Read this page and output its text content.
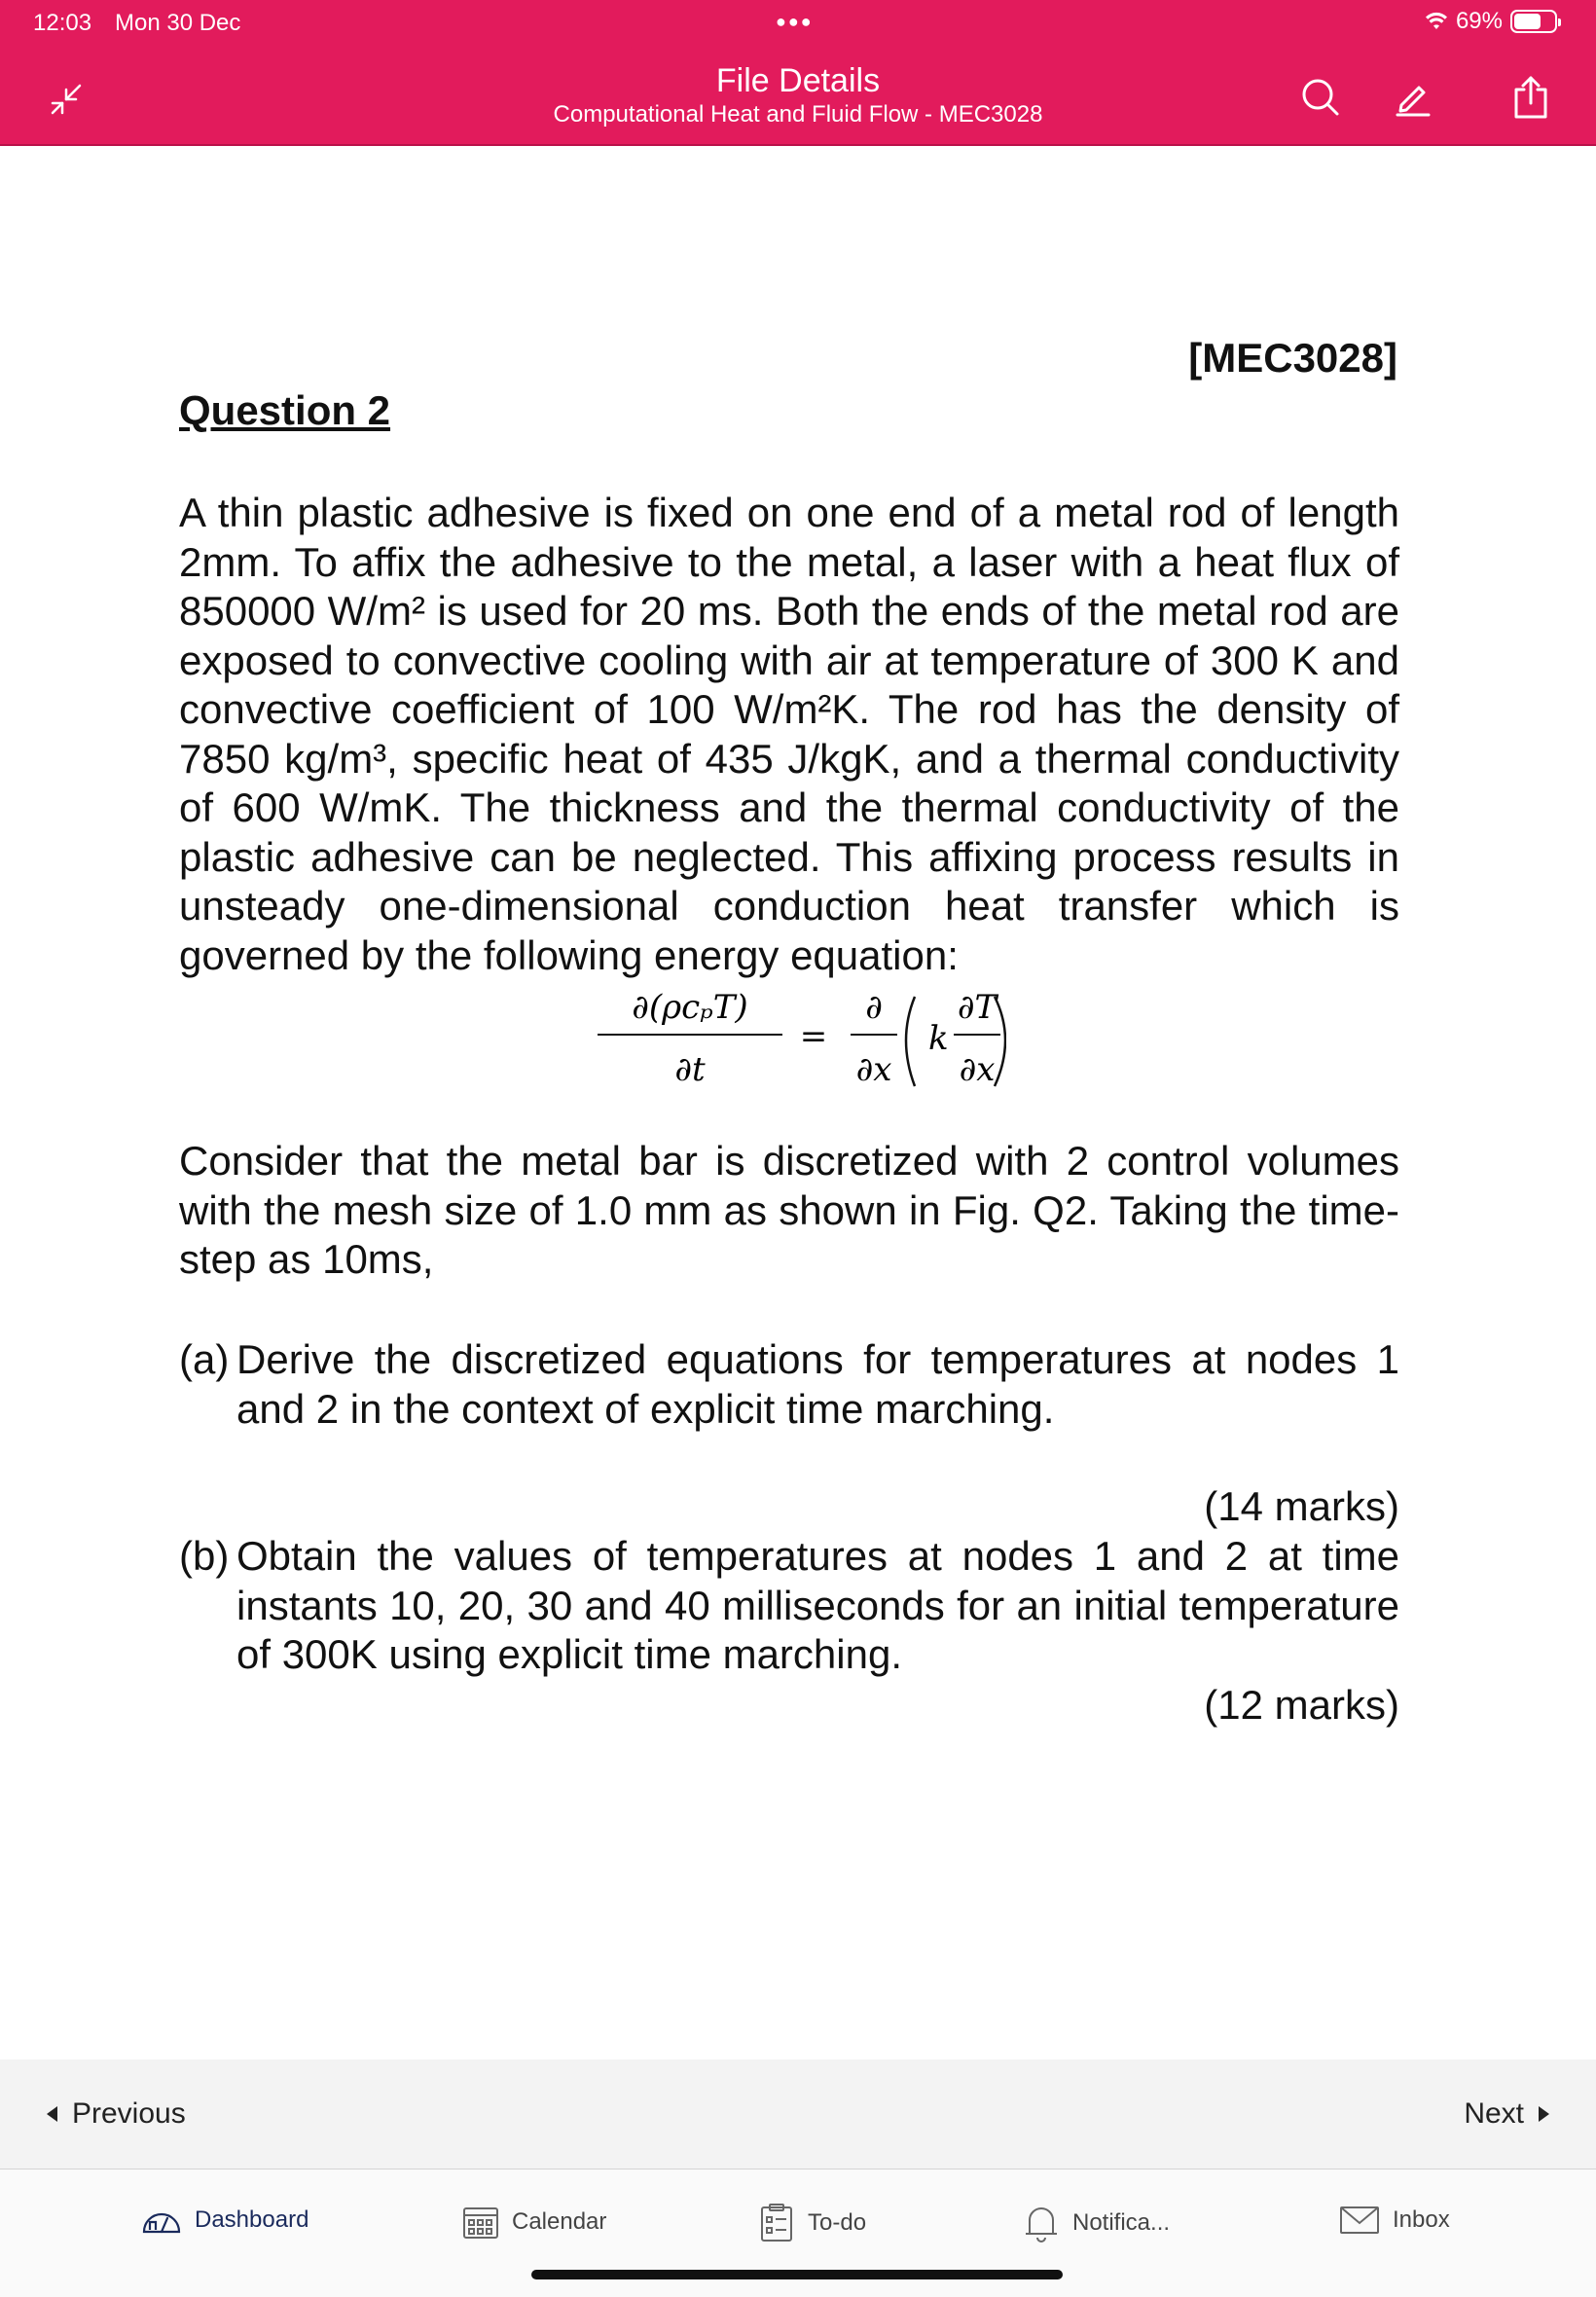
12:03 Mon 30 Dec	●●●	69%
File Details
Computational Heat and Fluid Flow - MEC3028
[MEC3028]
Question 2
A thin plastic adhesive is fixed on one end of a metal rod of length 2mm. To affix the adhesive to the metal, a laser with a heat flux of 850000 W/m² is used for 20 ms. Both the ends of the metal rod are exposed to convective cooling with air at temperature of 300 K and convective coefficient of 100 W/m²K. The rod has the density of 7850 kg/m³, specific heat of 435 J/kgK, and a thermal conductivity of 600 W/mK. The thickness and the thermal conductivity of the plastic adhesive can be neglected. This affixing process results in unsteady one-dimensional conduction heat transfer which is governed by the following energy equation:
∂(ρcₚT)
∂t
=
∂
∂x
k
∂T
∂x
Consider that the metal bar is discretized with 2 control volumes with the mesh size of 1.0 mm as shown in Fig. Q2. Taking the time-step as 10ms,
(a) Derive the discretized equations for temperatures at nodes 1 and 2 in the context of explicit time marching.
(14 marks)
(b) Obtain the values of temperatures at nodes 1 and 2 at time instants 10, 20, 30 and 40 milliseconds for an initial temperature of 300K using explicit time marching.
(12 marks)
Previous	Next
Dashboard	Calendar	To-do	Notifica...	Inbox
